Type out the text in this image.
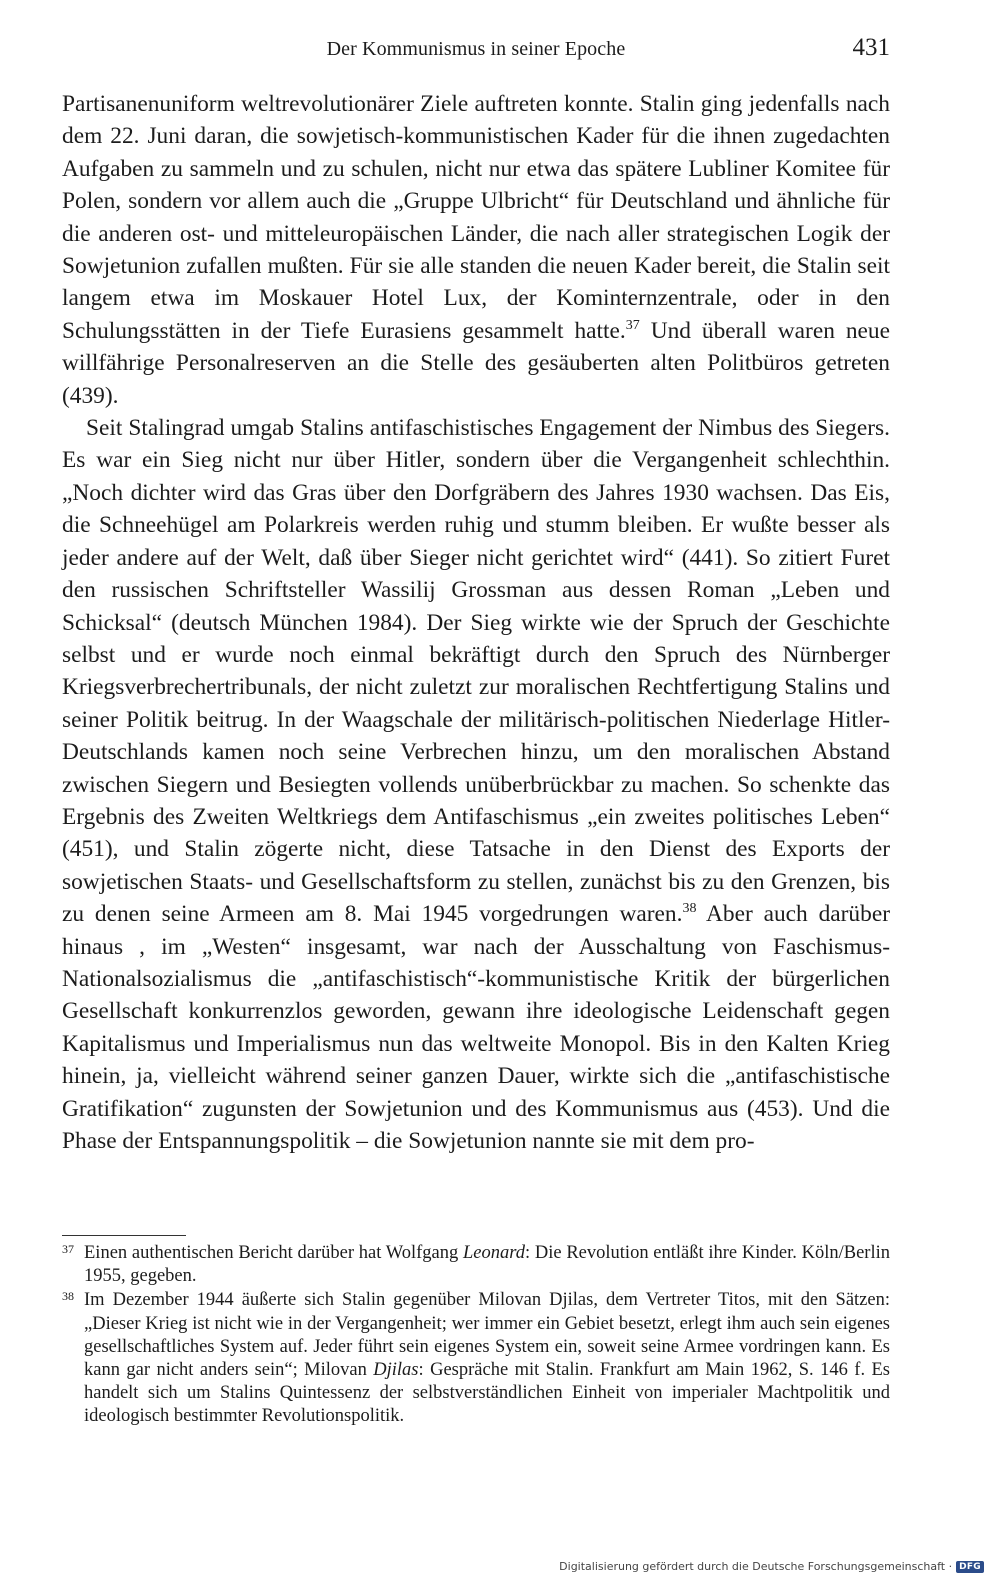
Der Kommunismus in seiner Epoche	431

Partisanenuniform weltrevolutionärer Ziele auftreten konnte. Stalin ging jedenfalls nach dem 22. Juni daran, die sowjetisch-kommunistischen Kader für die ihnen zugedachten Aufgaben zu sammeln und zu schulen, nicht nur etwa das spätere Lubliner Komitee für Polen, sondern vor allem auch die „Gruppe Ulbricht“ für Deutschland und ähnliche für die anderen ost- und mitteleuropäischen Länder, die nach aller strategischen Logik der Sowjetunion zufallen mußten. Für sie alle standen die neuen Kader bereit, die Stalin seit langem etwa im Moskauer Hotel Lux, der Kominternzentrale, oder in den Schulungsstätten in der Tiefe Eurasiens gesammelt hatte.$^{37}$ Und überall waren neue willfährige Personalreserven an die Stelle des gesäuberten alten Politbüros getreten (439).

Seit Stalingrad umgab Stalins antifaschistisches Engagement der Nimbus des Siegers. Es war ein Sieg nicht nur über Hitler, sondern über die Vergangenheit schlechthin. „Noch dichter wird das Gras über den Dorfgräbern des Jahres 1930 wachsen. Das Eis, die Schneehügel am Polarkreis werden ruhig und stumm bleiben. Er wußte besser als jeder andere auf der Welt, daß über Sieger nicht gerichtet wird“ (441). So zitiert Furet den russischen Schriftsteller Wassilij Grossman aus dessen Roman „Leben und Schicksal“ (deutsch München 1984). Der Sieg wirkte wie der Spruch der Geschichte selbst und er wurde noch einmal bekräftigt durch den Spruch des Nürnberger Kriegsverbrechertribunals, der nicht zuletzt zur moralischen Rechtfertigung Stalins und seiner Politik beitrug. In der Waagschale der militärisch-politischen Niederlage Hitler-Deutschlands kamen noch seine Verbrechen hinzu, um den moralischen Abstand zwischen Siegern und Besiegten vollends unüberbrückbar zu machen. So schenkte das Ergebnis des Zweiten Weltkriegs dem Antifaschismus „ein zweites politisches Leben“ (451), und Stalin zögerte nicht, diese Tatsache in den Dienst des Exports der sowjetischen Staats- und Gesellschaftsform zu stellen, zunächst bis zu den Grenzen, bis zu denen seine Armeen am 8. Mai 1945 vorgedrungen waren.$^{38}$ Aber auch darüber hinaus , im „Westen“ insgesamt, war nach der Ausschaltung von Faschismus-Nationalsozialismus die „antifaschistisch“-kommunistische Kritik der bürgerlichen Gesellschaft konkurrenzlos geworden, gewann ihre ideologische Leidenschaft gegen Kapitalismus und Imperialismus nun das weltweite Monopol. Bis in den Kalten Krieg hinein, ja, vielleicht während seiner ganzen Dauer, wirkte sich die „antifaschistische Gratifikation“ zugunsten der Sowjetunion und des Kommunismus aus (453). Und die Phase der Entspannungspolitik – die Sowjetunion nannte sie mit dem pro-

37 Einen authentischen Bericht darüber hat Wolfgang Leonard: Die Revolution entläßt ihre Kinder. Köln/Berlin 1955, gegeben.
38 Im Dezember 1944 äußerte sich Stalin gegenüber Milovan Djilas, dem Vertreter Titos, mit den Sätzen: „Dieser Krieg ist nicht wie in der Vergangenheit; wer immer ein Gebiet besetzt, erlegt ihm auch sein eigenes gesellschaftliches System auf. Jeder führt sein eigenes System ein, soweit seine Armee vordringen kann. Es kann gar nicht anders sein“; Milovan Djilas: Gespräche mit Stalin. Frankfurt am Main 1962, S. 146 f. Es handelt sich um Stalins Quintessenz der selbstverständlichen Einheit von imperialer Machtpolitik und ideologisch bestimmter Revolutionspolitik.
Digitalisierung gefördert durch die Deutsche Forschungsgemeinschaft · DFG
